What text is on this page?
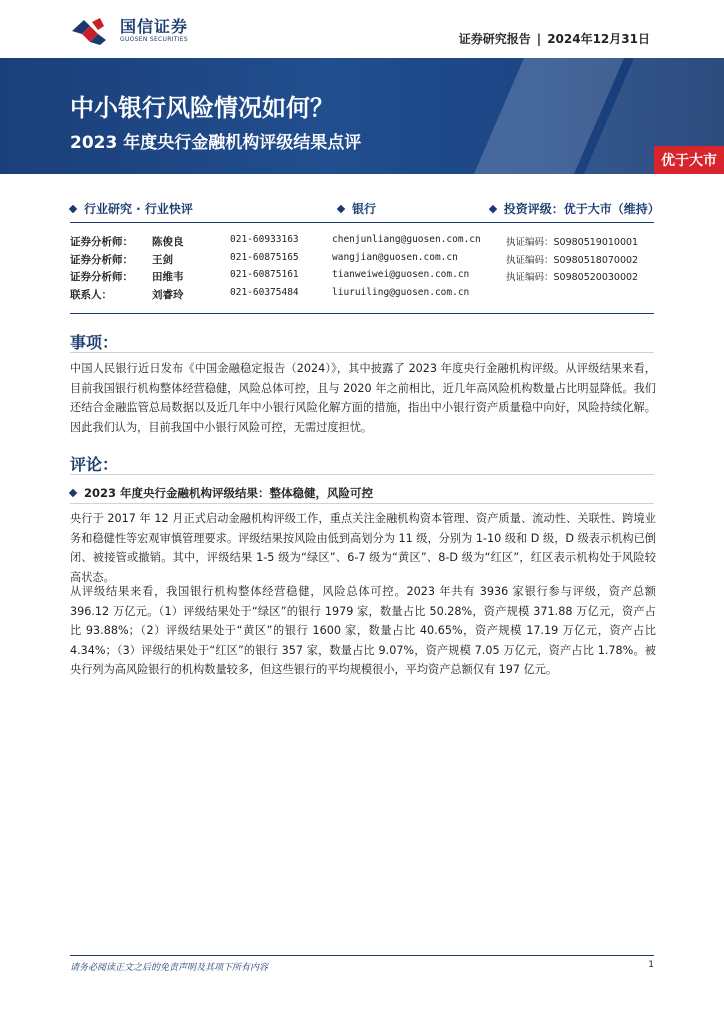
国信证券
GUOSEN SECURITIES	证券研究报告 | 2024年12月31日
中小银行风险情况如何？
2023 年度央行金融机构评级结果点评
优于大市
行业研究 · 行业快评	银行	投资评级：优于大市（维持）
证券分析师： 陈俊良	021-60933163	chenjunliang@guosen.com.cn	执证编码：S0980519010001
证券分析师： 王剑	021-60875165	wangjian@guosen.com.cn	执证编码：S0980518070002
证券分析师： 田维韦	021-60875161	tianweiwei@guosen.com.cn	执证编码：S0980520030002
联系人：	刘睿玲	021-60375484	liuruiling@guosen.com.cn
事项：

中国人民银行近日发布《中国金融稳定报告（2024）》，其中披露了 2023 年度央行金融机构评级。从评级结果来看，目前我国银行机构整体经营稳健，风险总体可控，且与 2020 年之前相比，近几年高风险机构数量占比明显降低。我们还结合金融监管总局数据以及近几年中小银行风险化解方面的措施，指出中小银行资产质量稳中向好，风险持续化解。因此我们认为，目前我国中小银行风险可控，无需过度担忧。

评论：
2023 年度央行金融机构评级结果：整体稳健，风险可控

央行于 2017 年 12 月正式启动金融机构评级工作，重点关注金融机构资本管理、资产质量、流动性、关联性、跨境业务和稳健性等宏观审慎管理要求。评级结果按风险由低到高划分为 11 级，分别为 1-10 级和 D 级，D 级表示机构已倒闭、被接管或撤销。其中，评级结果 1-5 级为“绿区”、6-7 级为“黄区”、8-D 级为“红区”，红区表示机构处于风险较高状态。

从评级结果来看，我国银行机构整体经营稳健，风险总体可控。2023 年共有 3936 家银行参与评级，资产总额 396.12 万亿元。（1）评级结果处于“绿区”的银行 1979 家，数量占比 50.28%，资产规模 371.88 万亿元，资产占比 93.88%；（2）评级结果处于“黄区”的银行 1600 家，数量占比 40.65%，资产规模 17.19 万亿元，资产占比 4.34%；（3）评级结果处于“红区”的银行 357 家，数量占比 9.07%，资产规模 7.05 万亿元，资产占比 1.78%。被央行列为高风险银行的机构数量较多，但这些银行的平均规模很小，平均资产总额仅有 197 亿元。

请务必阅读正文之后的免责声明及其项下所有内容	1
